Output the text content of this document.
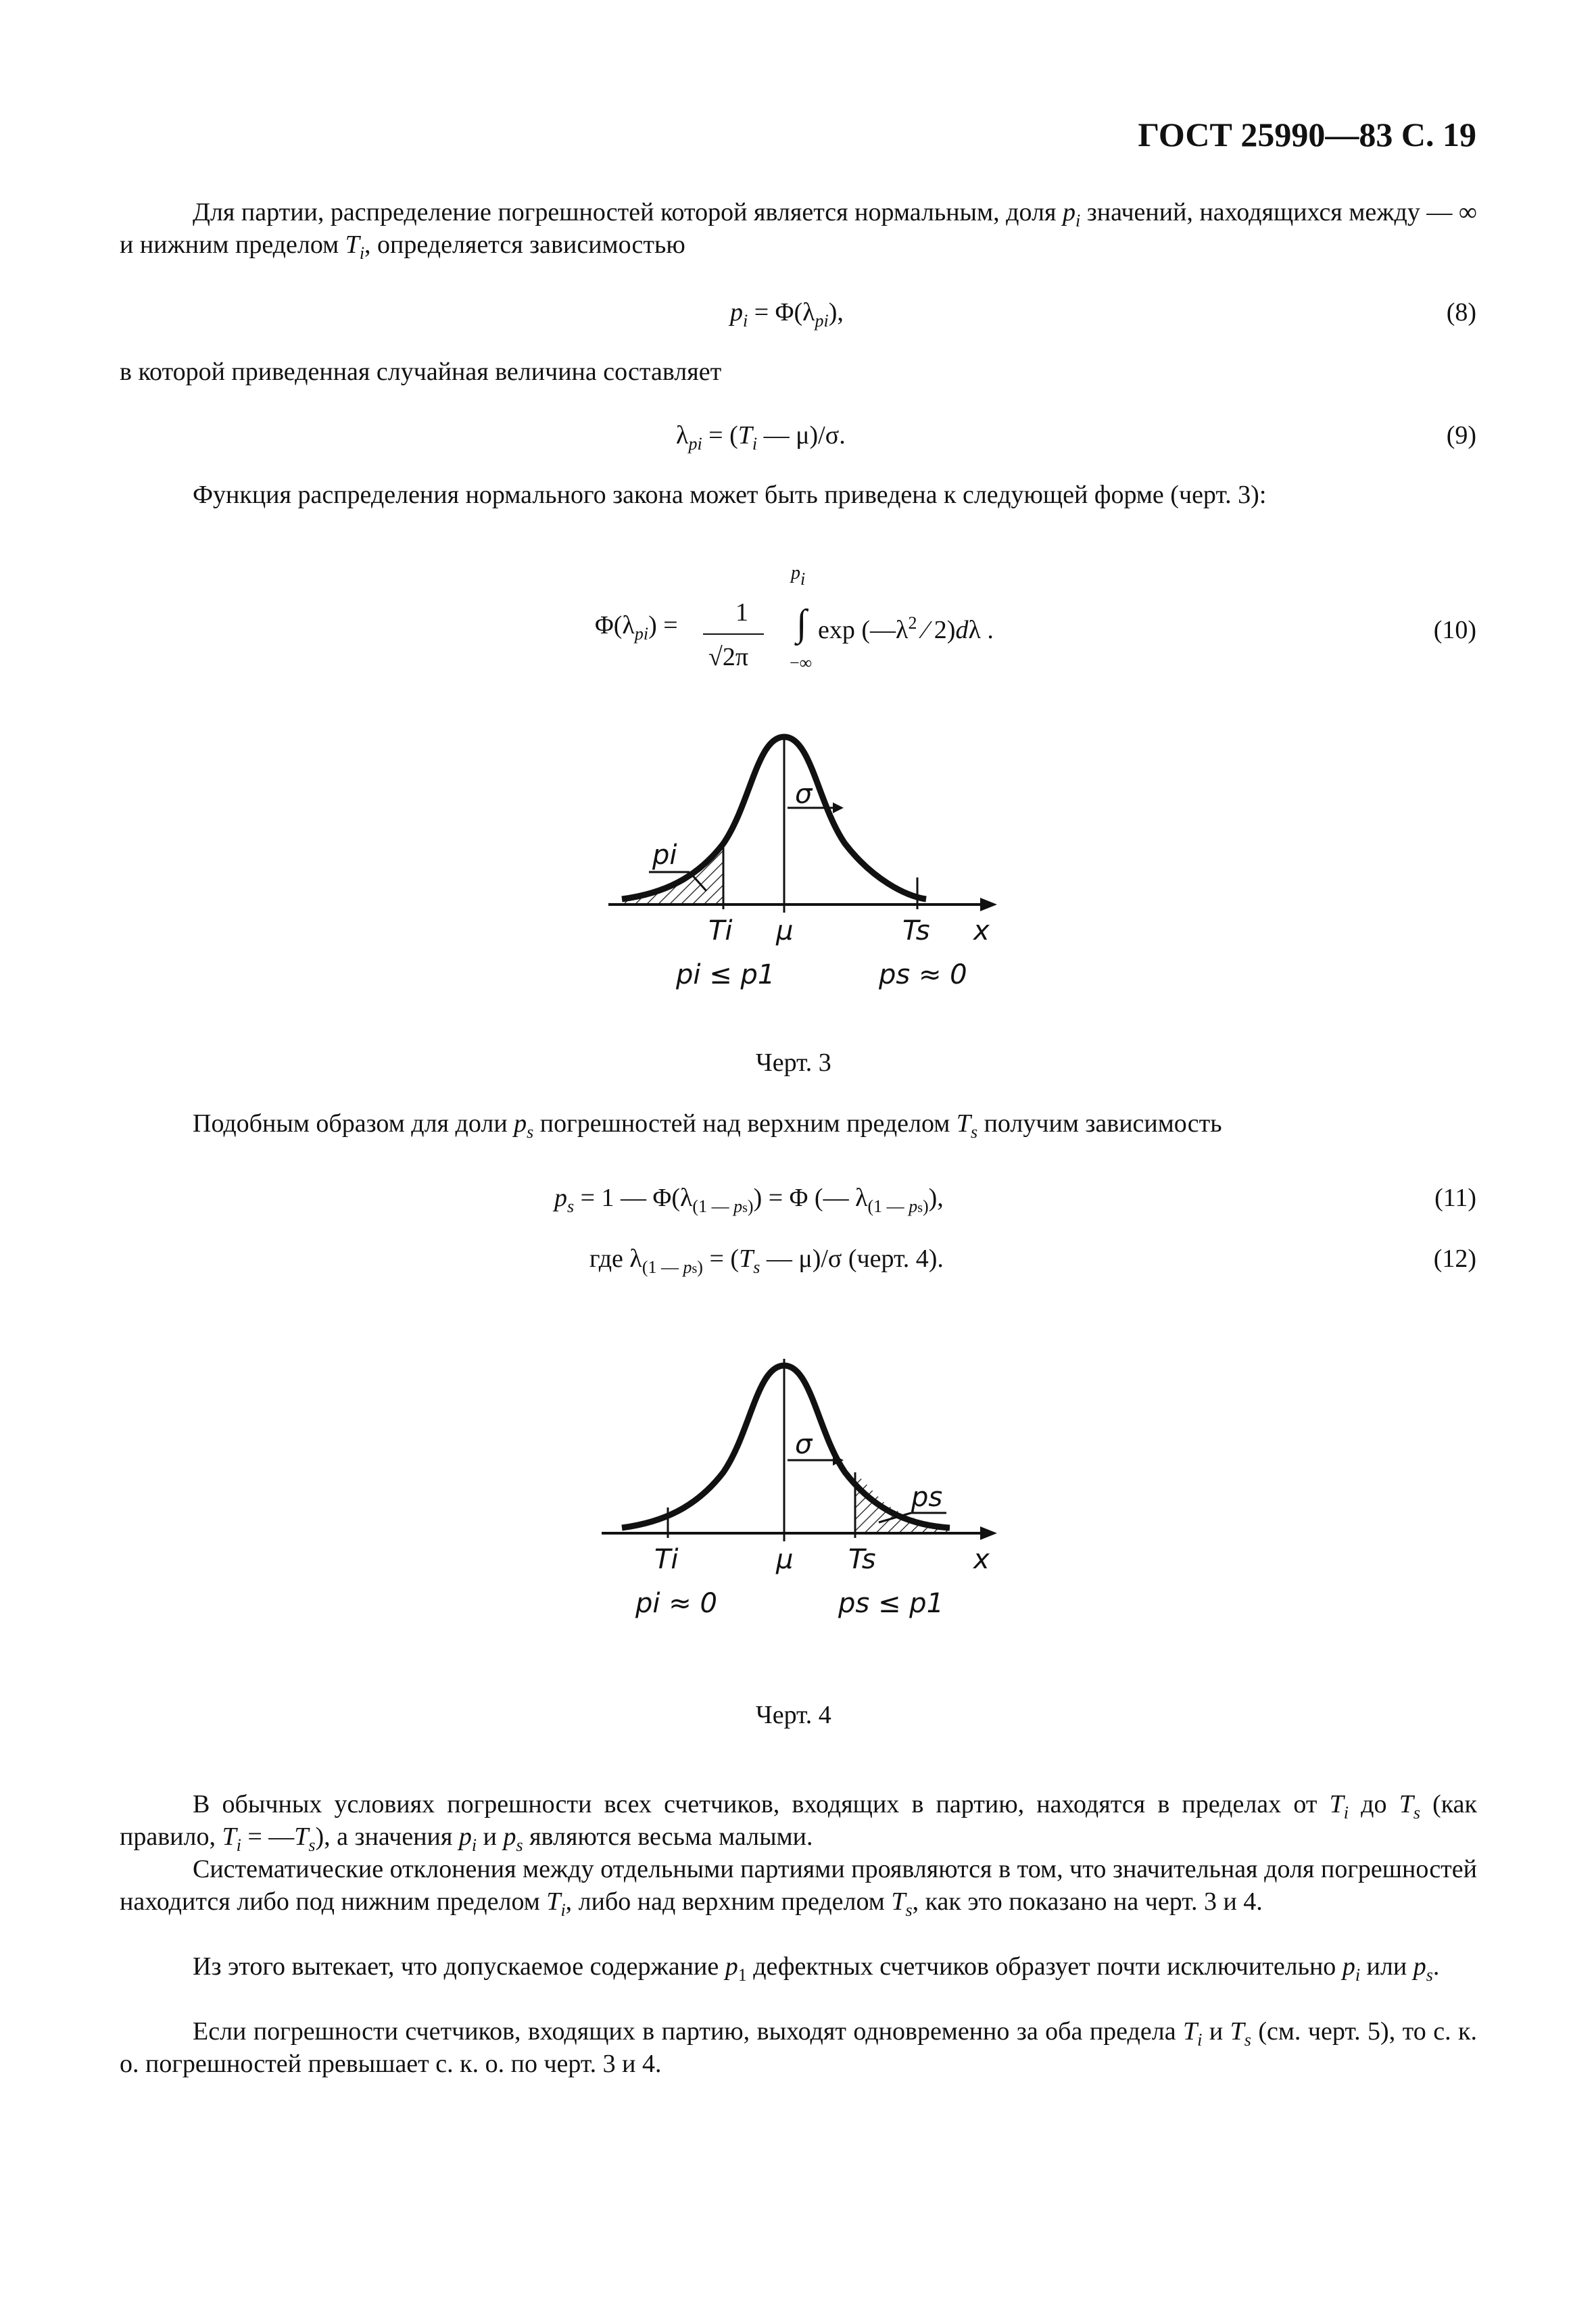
ГОСТ 25990—83 С. 19
Для партии, распределение погрешностей которой является нормальным, доля $p_i$ значений, находящихся между — ∞ и нижним пределом $T_i$, определяется зависимостью
$p_i = \Phi(\lambda_{pi})$,	(8)
в которой приведенная случайная величина составляет
$\lambda_{pi} = (T_i$ — μ)/σ.	(9)
Функция распределения нормального закона может быть приведена к следующей форме (черт. 3):
$p_i$
$\Phi(\lambda_{pi}) = 1$
√2π
∫
−∞
$\exp (—\lambda^2$ ⁄ 2)dλ .	(10)
σ
pi
Ti μ	Ts x
pi ≤ p1	ps ≈ 0
Черт. 3
Подобным образом для доли $p_s$ погрешностей над верхним пределом $T_s$ получим зависимость
$p_s = 1$ — $\Phi(\lambda_{(1 — ps)}) = \Phi$ (— $\lambda_{(1 — ps)}$),	(11)
где $\lambda_{(1 — ps)} = (T_s$ — μ)/σ (черт. 4).	(12)
σ
ps
Ti	μ Ts	x
pi ≈ 0	ps ≤ p1
Черт. 4
В обычных условиях погрешности всех счетчиков, входящих в партию, находятся в пределах от $T_i$ до $T_s$ (как правило, $T_i$ = $—T_s$), а значения $p_i$ и $p_s$ являются весьма малыми.
Систематические отклонения между отдельными партиями проявляются в том, что значительная доля погрешностей находится либо под нижним пределом $T_i$, либо над верхним пределом $T_s$, как это показано на черт. 3 и 4.
Из этого вытекает, что допускаемое содержание $p_1$ дефектных счетчиков образует почти исключительно $p_i$ или $p_s$.
Если погрешности счетчиков, входящих в партию, выходят одновременно за оба предела $T_i$ и $T_s$ (см. черт. 5), то с. к. о. погрешностей превышает с. к. о. по черт. 3 и 4.
